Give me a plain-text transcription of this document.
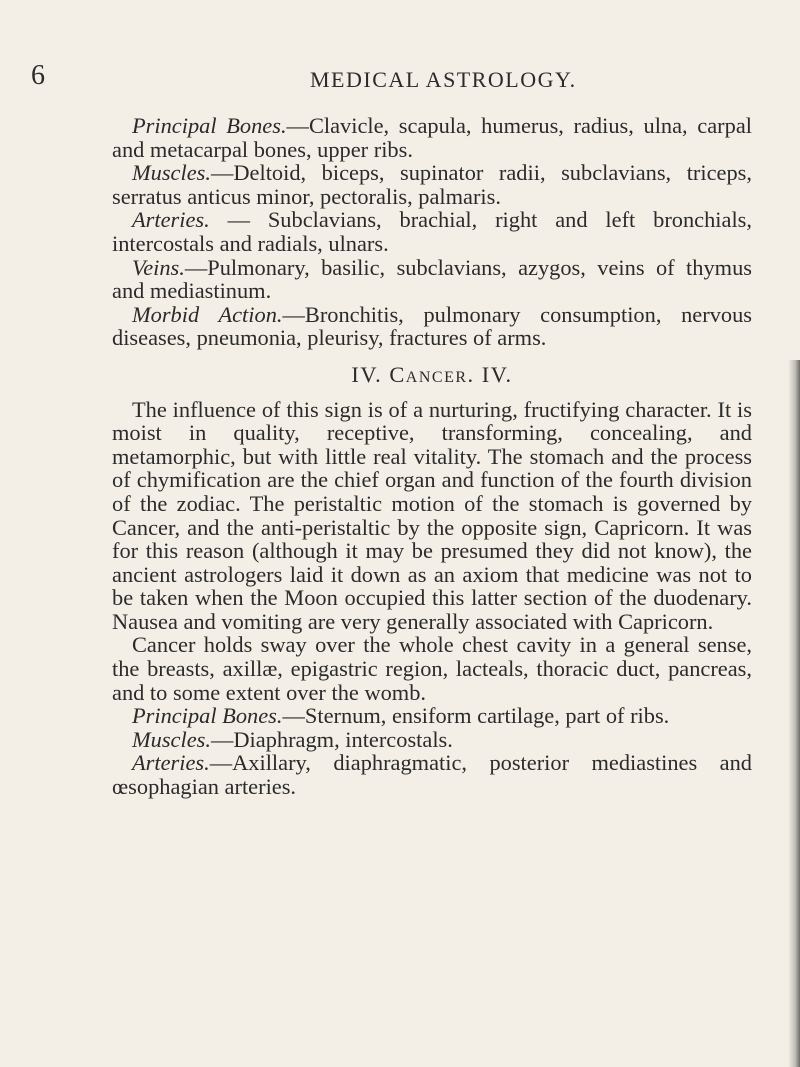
6	MEDICAL ASTROLOGY.

Principal Bones.—Clavicle, scapula, humerus, radius, ulna, carpal and metacarpal bones, upper ribs.

Muscles.—Deltoid, biceps, supinator radii, subclavians, triceps, serratus anticus minor, pectoralis, palmaris.

Arteries. — Subclavians, brachial, right and left bronchials, intercostals and radials, ulnars.

Veins.—Pulmonary, basilic, subclavians, azygos, veins of thymus and mediastinum.

Morbid Action.—Bronchitis, pulmonary consumption, nervous diseases, pneumonia, pleurisy, fractures of arms.

IV. Cancer. IV.

The influence of this sign is of a nurturing, fructifying character. It is moist in quality, receptive, transforming, concealing, and metamorphic, but with little real vitality. The stomach and the process of chymification are the chief organ and function of the fourth division of the zodiac. The peristaltic motion of the stomach is governed by Cancer, and the anti-peristaltic by the opposite sign, Capricorn. It was for this reason (although it may be presumed they did not know), the ancient astrologers laid it down as an axiom that medicine was not to be taken when the Moon occupied this latter section of the duodenary. Nausea and vomiting are very generally associated with Capricorn.

Cancer holds sway over the whole chest cavity in a general sense, the breasts, axillæ, epigastric region, lacteals, thoracic duct, pancreas, and to some extent over the womb.

Principal Bones.—Sternum, ensiform cartilage, part of ribs.

Muscles.—Diaphragm, intercostals.

Arteries.—Axillary, diaphragmatic, posterior mediastines and œsophagian arteries.
